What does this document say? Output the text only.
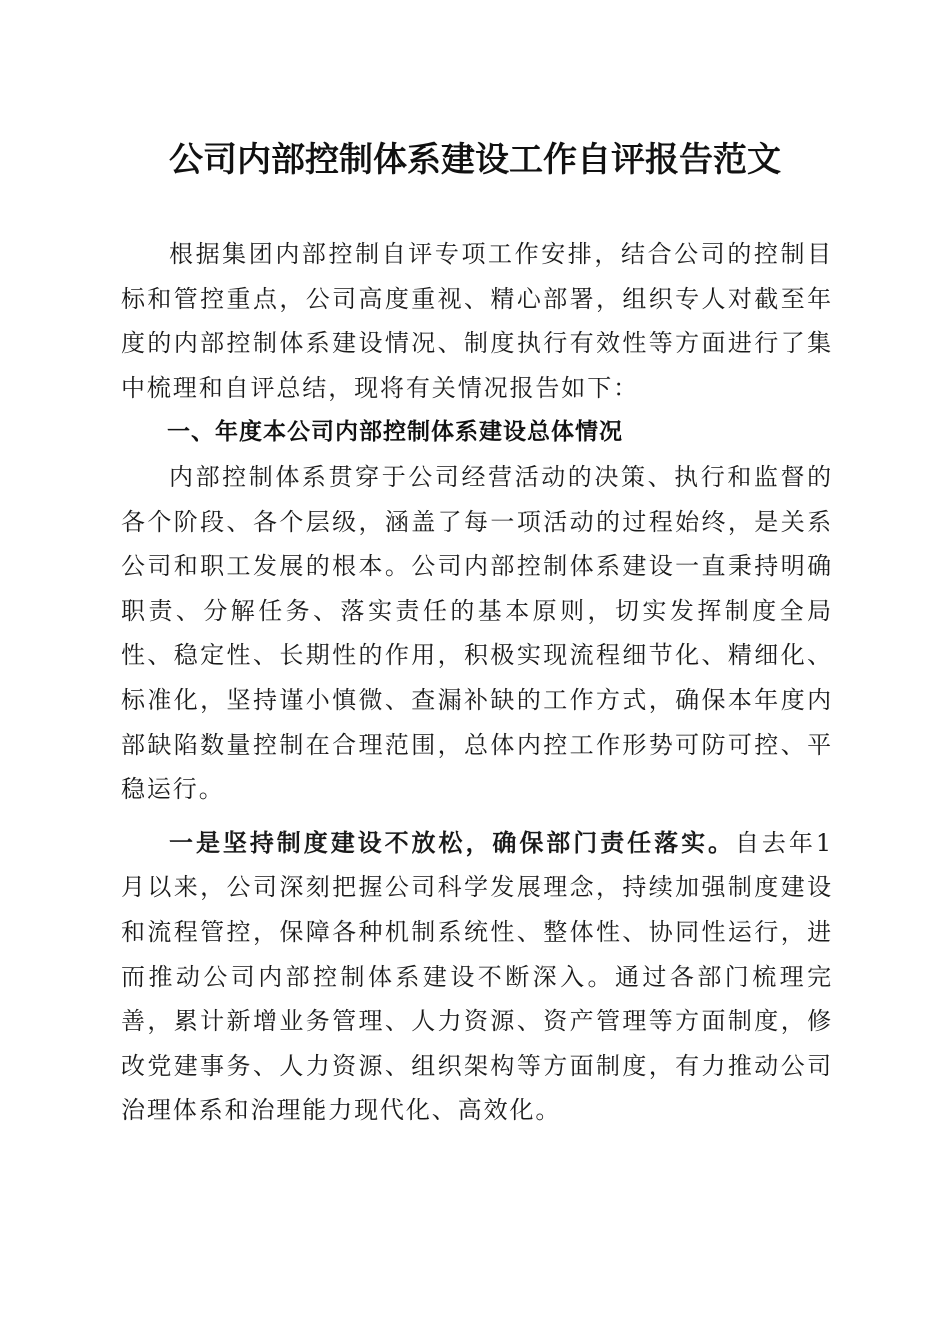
公司内部控制体系建设工作自评报告范文

根据集团内部控制自评专项工作安排，结合公司的控制目标和管控重点，公司高度重视、精心部署，组织专人对截至年度的内部控制体系建设情况、制度执行有效性等方面进行了集中梳理和自评总结，现将有关情况报告如下：

一、年度本公司内部控制体系建设总体情况

内部控制体系贯穿于公司经营活动的决策、执行和监督的各个阶段、各个层级，涵盖了每一项活动的过程始终，是关系公司和职工发展的根本。公司内部控制体系建设一直秉持明确职责、分解任务、落实责任的基本原则，切实发挥制度全局性、稳定性、长期性的作用，积极实现流程细节化、精细化、标准化，坚持谨小慎微、查漏补缺的工作方式，确保本年度内部缺陷数量控制在合理范围，总体内控工作形势可防可控、平稳运行。

一是坚持制度建设不放松，确保部门责任落实。自去年1月以来，公司深刻把握公司科学发展理念，持续加强制度建设和流程管控，保障各种机制系统性、整体性、协同性运行，进而推动公司内部控制体系建设不断深入。通过各部门梳理完善，累计新增业务管理、人力资源、资产管理等方面制度，修改党建事务、人力资源、组织架构等方面制度，有力推动公司治理体系和治理能力现代化、高效化。
